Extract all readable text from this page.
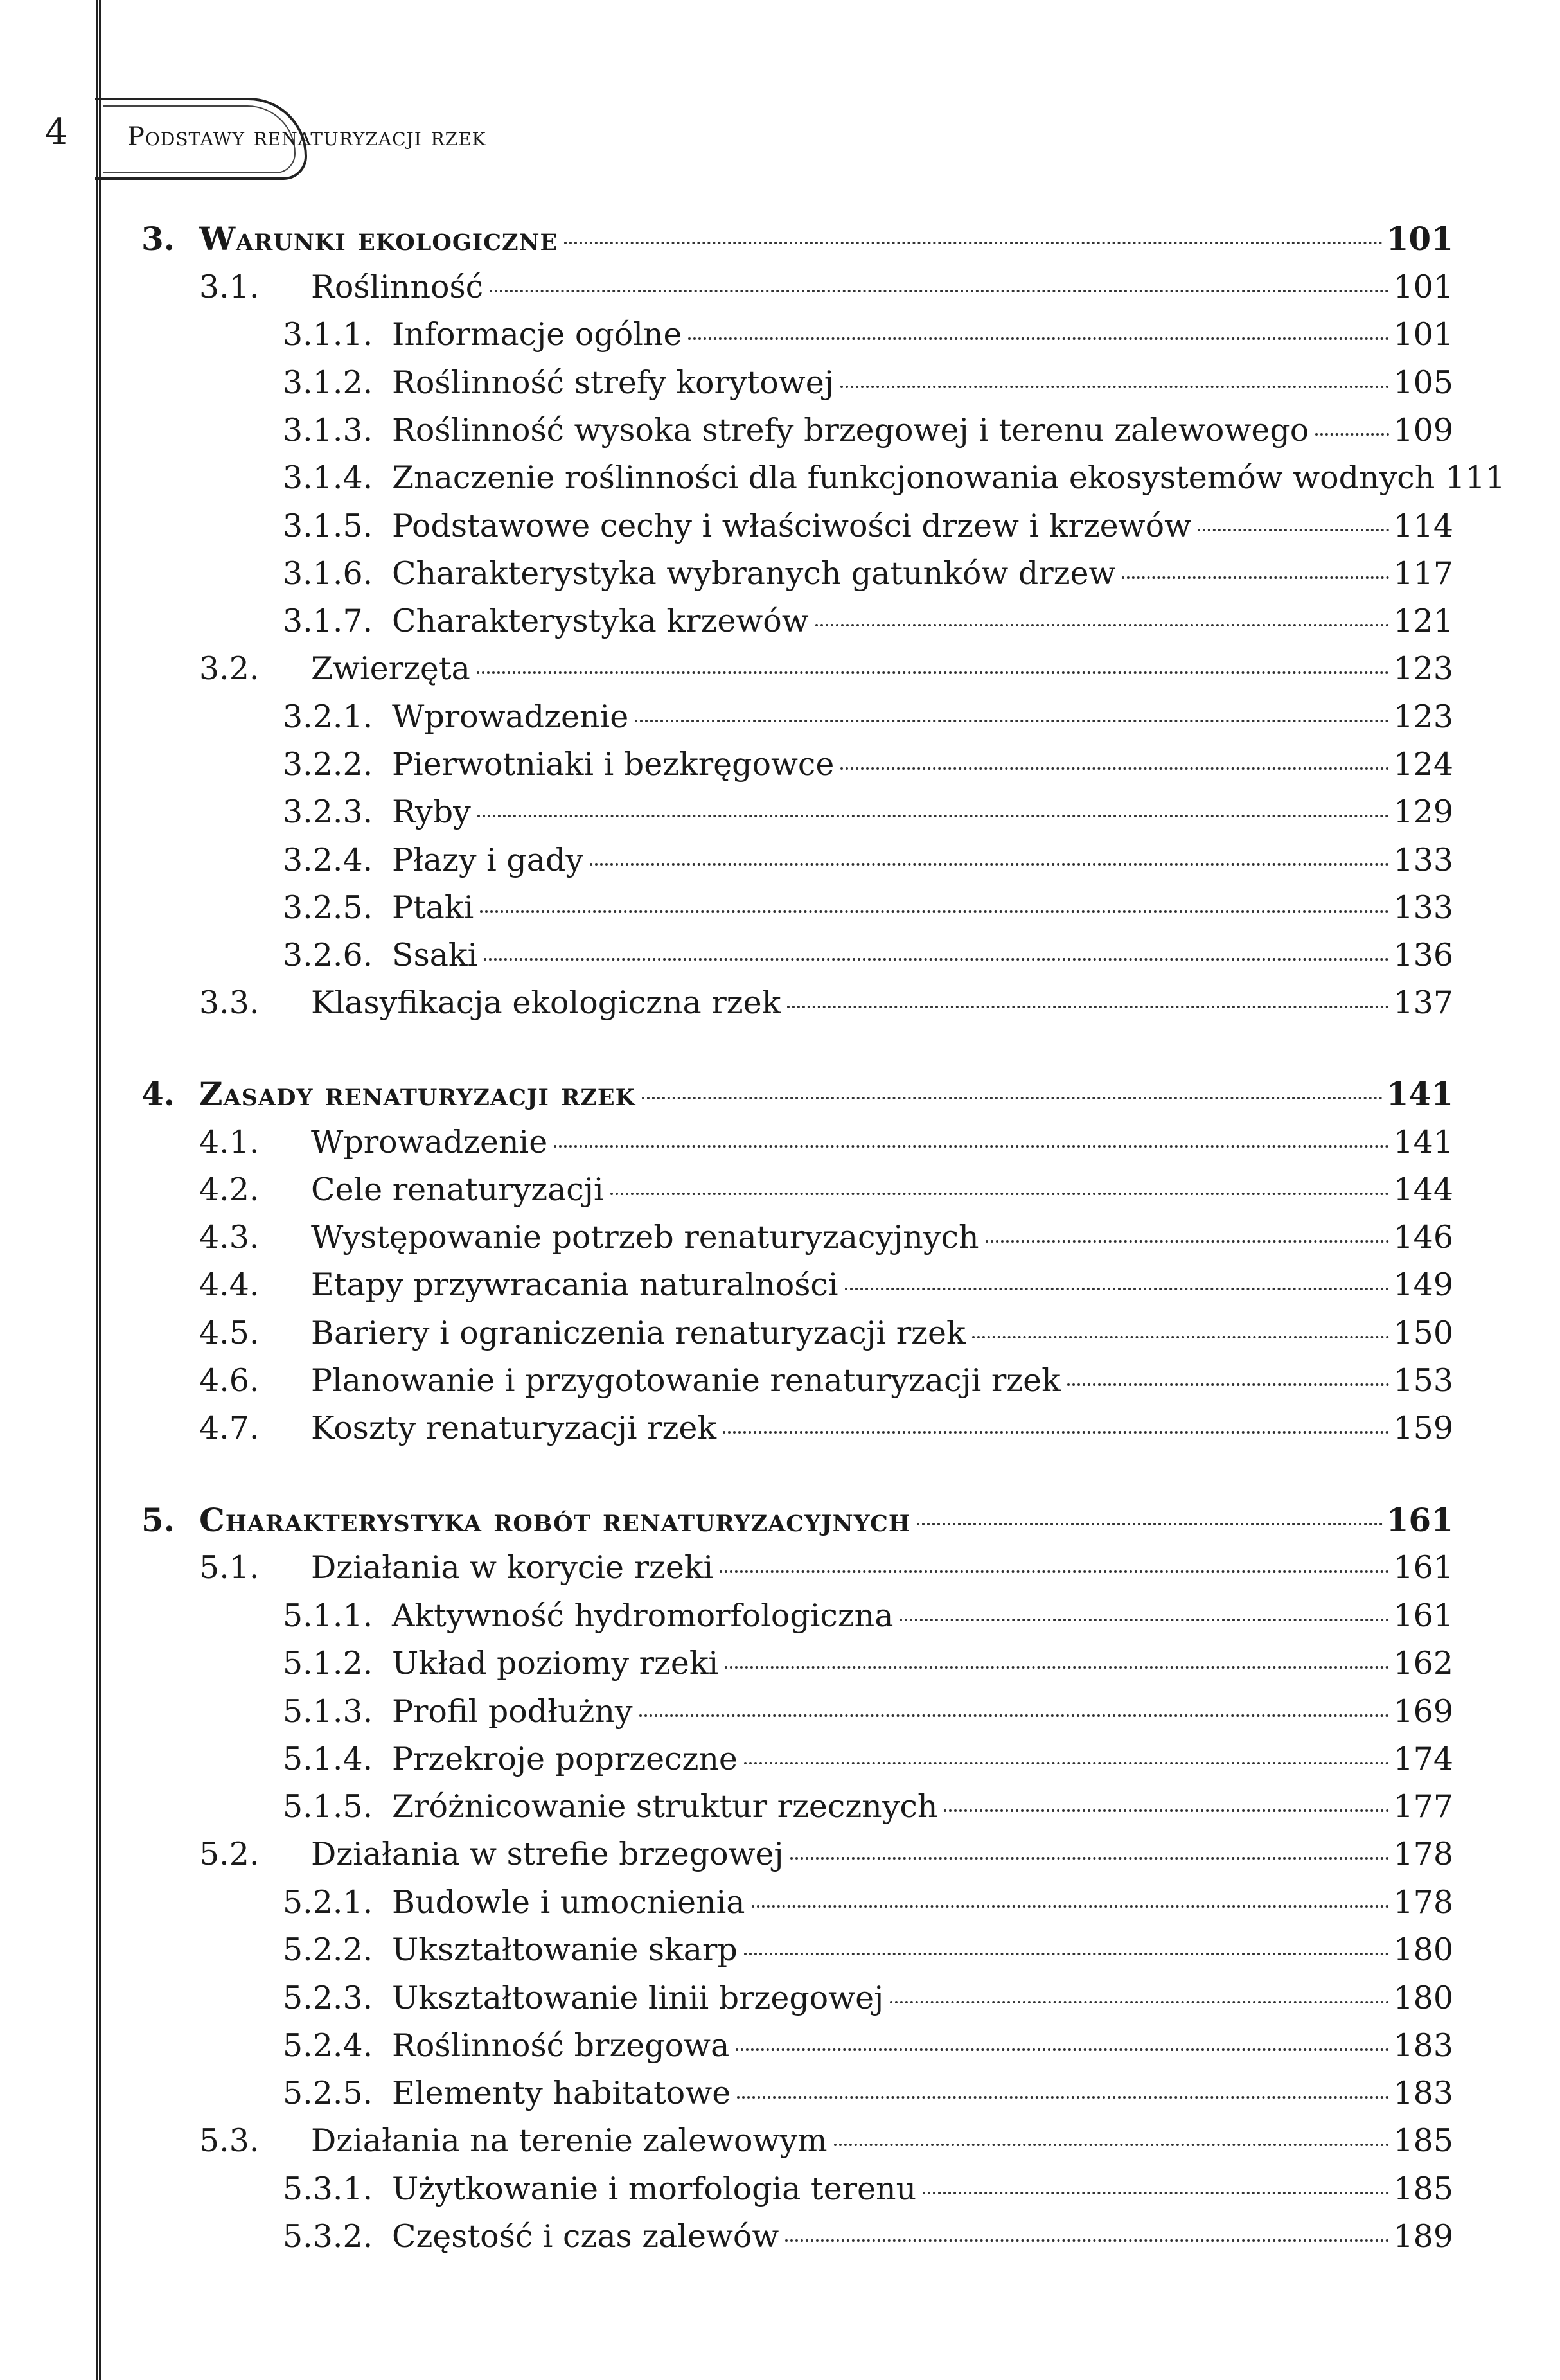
4 Podstawy renaturyzacji rzek
3. Warunki ekologiczne	101
3.1.	Roślinność	101
3.1.1. Informacje ogólne	101
3.1.2. Roślinność strefy korytowej	105
3.1.3. Roślinność wysoka strefy brzegowej i terenu zalewowego	109
3.1.4. Znaczenie roślinności dla funkcjonowania ekosystemów wodnych 111
3.1.5. Podstawowe cechy i właściwości drzew i krzewów	114
3.1.6. Charakterystyka wybranych gatunków drzew	117
3.1.7. Charakterystyka krzewów	121
3.2.	Zwierzęta	123
3.2.1. Wprowadzenie	123
3.2.2. Pierwotniaki i bezkręgowce	124
3.2.3. Ryby	129
3.2.4. Płazy i gady	133
3.2.5. Ptaki	133
3.2.6. Ssaki	136
3.3.	Klasyfikacja ekologiczna rzek	137
4. Zasady renaturyzacji rzek	141
4.1.	Wprowadzenie	141
4.2.	Cele renaturyzacji	144
4.3.	Występowanie potrzeb renaturyzacyjnych	146
4.4.	Etapy przywracania naturalności	149
4.5.	Bariery i ograniczenia renaturyzacji rzek	150
4.6.	Planowanie i przygotowanie renaturyzacji rzek	153
4.7.	Koszty renaturyzacji rzek	159
5. Charakterystyka robót renaturyzacyjnych	161
5.1.	Działania w korycie rzeki	161
5.1.1. Aktywność hydromorfologiczna	161
5.1.2. Układ poziomy rzeki	162
5.1.3. Profil podłużny	169
5.1.4. Przekroje poprzeczne	174
5.1.5. Zróżnicowanie struktur rzecznych	177
5.2.	Działania w strefie brzegowej	178
5.2.1. Budowle i umocnienia	178
5.2.2. Ukształtowanie skarp	180
5.2.3. Ukształtowanie linii brzegowej	180
5.2.4. Roślinność brzegowa	183
5.2.5. Elementy habitatowe	183
5.3.	Działania na terenie zalewowym	185
5.3.1. Użytkowanie i morfologia terenu	185
5.3.2. Częstość i czas zalewów	189
